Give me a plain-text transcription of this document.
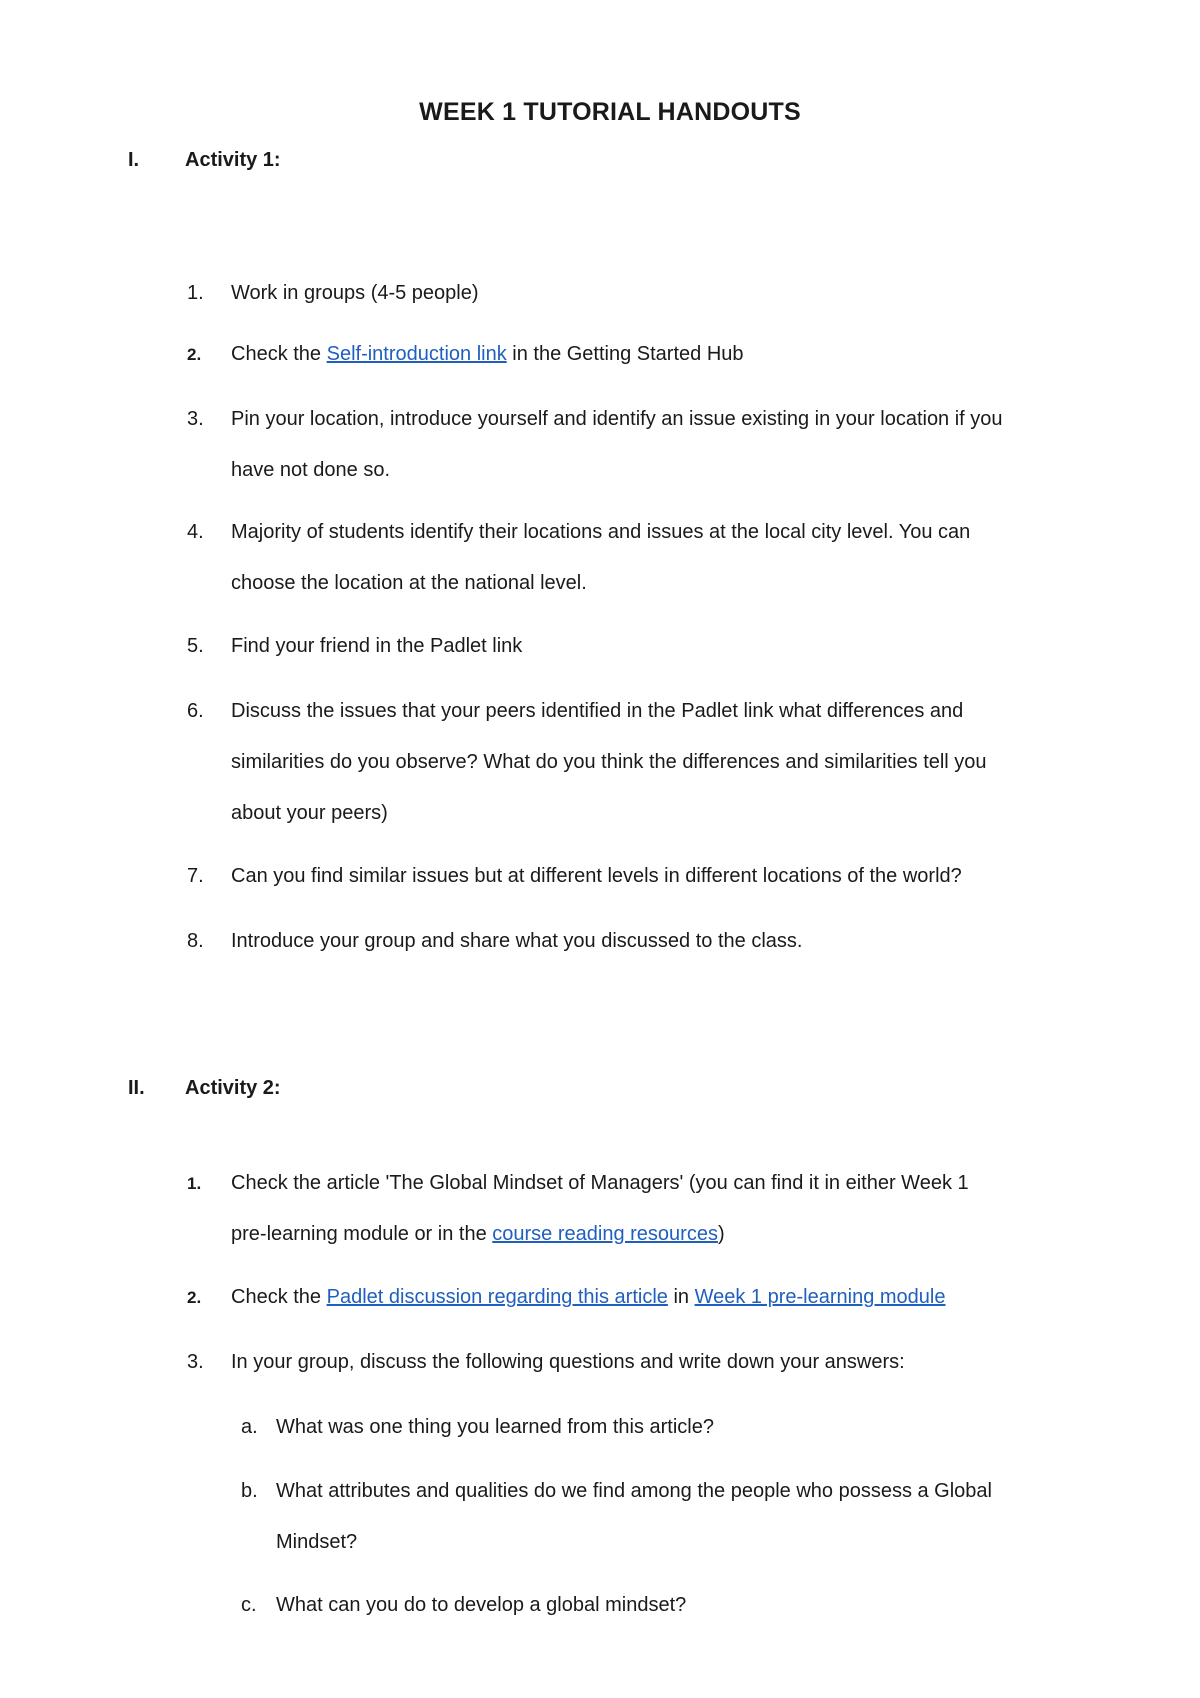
WEEK 1 TUTORIAL HANDOUTS
I. Activity 1:
1. Work in groups (4-5 people)
2. Check the Self-introduction link in the Getting Started Hub
3. Pin your location, introduce yourself and identify an issue existing in your location if you
have not done so.
4. Majority of students identify their locations and issues at the local city level. You can
choose the location at the national level.
5. Find your friend in the Padlet link
6. Discuss the issues that your peers identified in the Padlet link what differences and
similarities do you observe? What do you think the differences and similarities tell you
about your peers)
7. Can you find similar issues but at different levels in different locations of the world?
8. Introduce your group and share what you discussed to the class.
II. Activity 2:
1. Check the article 'The Global Mindset of Managers' (you can find it in either Week 1
pre-learning module or in the course reading resources)
2. Check the Padlet discussion regarding this article in Week 1 pre-learning module
3. In your group, discuss the following questions and write down your answers:
a. What was one thing you learned from this article?
b. What attributes and qualities do we find among the people who possess a Global
Mindset?
c. What can you do to develop a global mindset?
